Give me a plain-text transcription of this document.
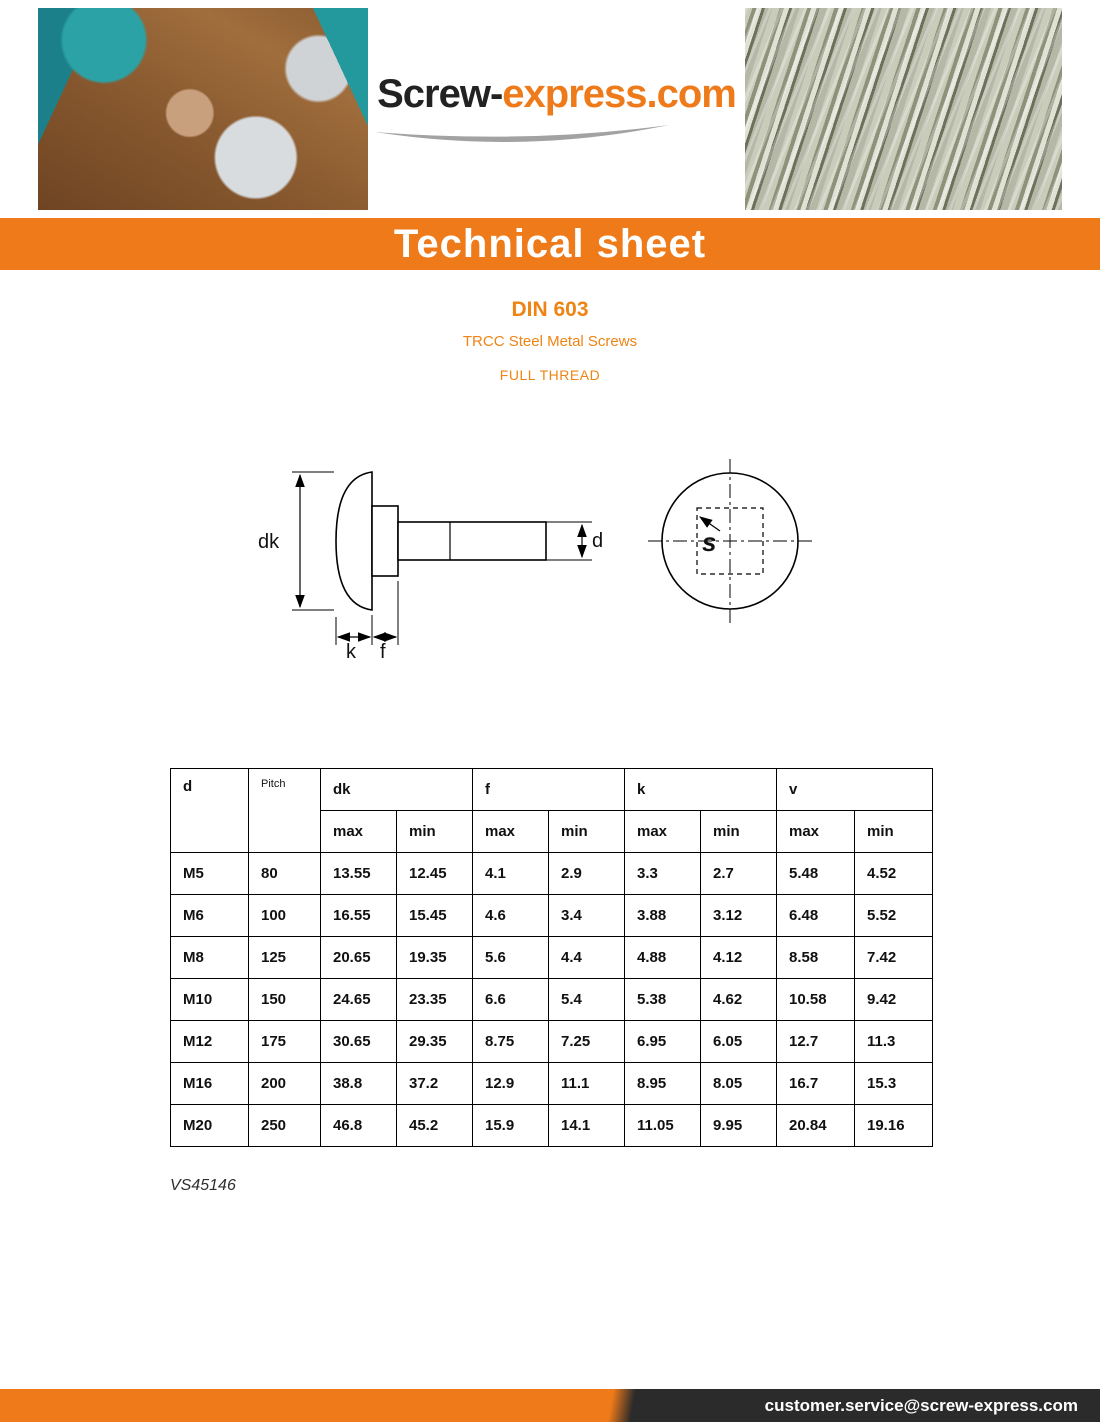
Screw-express.com
Technical sheet
DIN 603
TRCC Steel Metal Screws
FULL THREAD
dk	d
k f
s
d	Pitch	dk		f		k		v	
		max	min	max	min	max	min	max	min
M5	80	13.55	12.45	4.1	2.9	3.3	2.7	5.48	4.52
M6	100	16.55	15.45	4.6	3.4	3.88	3.12	6.48	5.52
M8	125	20.65	19.35	5.6	4.4	4.88	4.12	8.58	7.42
M10	150	24.65	23.35	6.6	5.4	5.38	4.62	10.58	9.42
M12	175	30.65	29.35	8.75	7.25	6.95	6.05	12.7	11.3
M16	200	38.8	37.2	12.9	11.1	8.95	8.05	16.7	15.3
M20	250	46.8	45.2	15.9	14.1	11.05	9.95	20.84	19.16
VS45146
customer.service@screw-express.com
